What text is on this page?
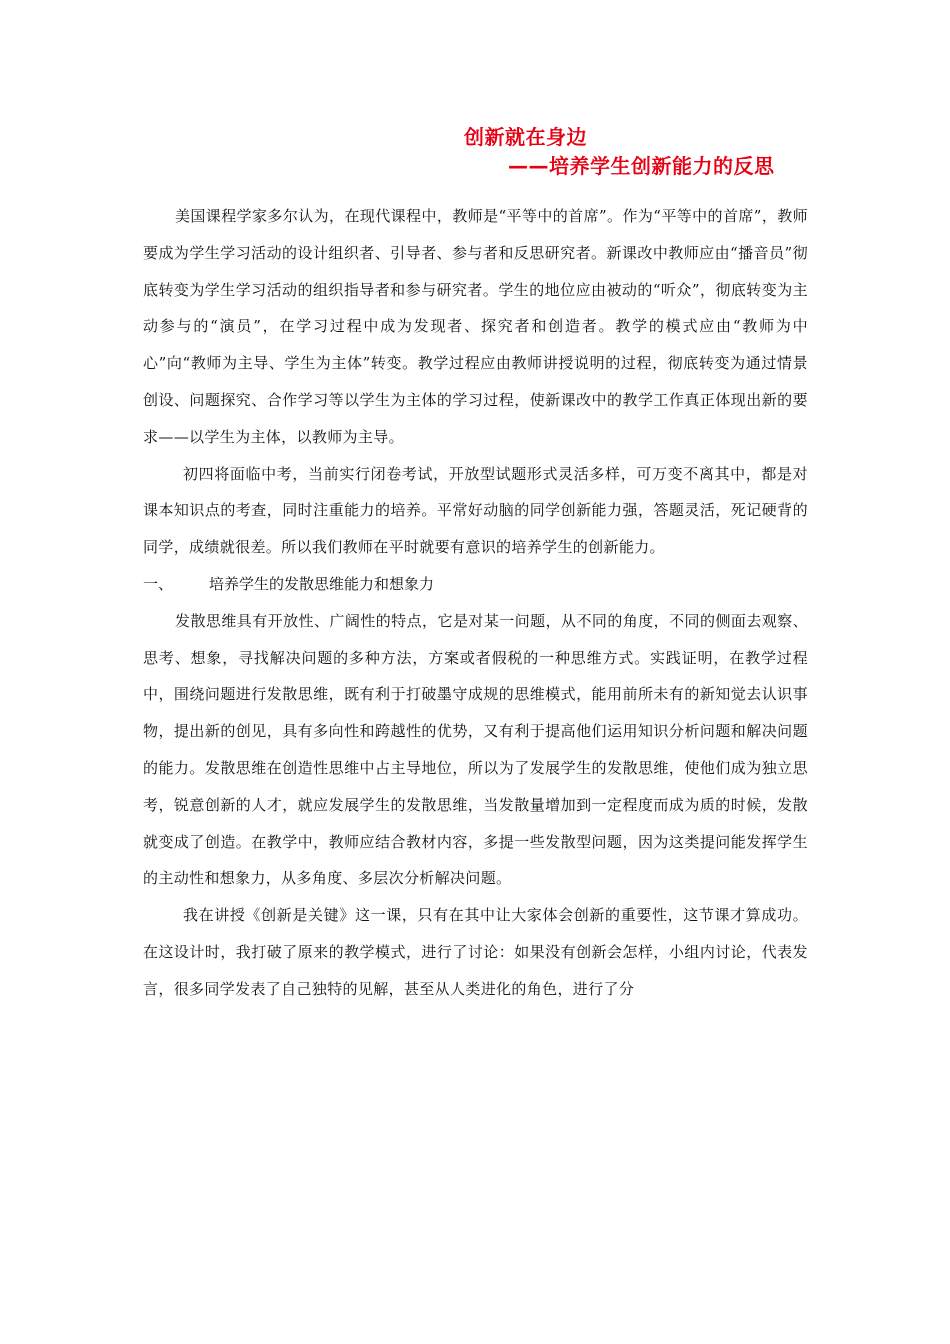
创新就在身边
——培养学生创新能力的反思

美国课程学家多尔认为，在现代课程中，教师是“平等中的首席”。作为“平等中的首席”，教师要成为学生学习活动的设计组织者、引导者、参与者和反思研究者。新课改中教师应由“播音员”彻底转变为学生学习活动的组织指导者和参与研究者。学生的地位应由被动的“听众”，彻底转变为主动参与的“演员”，在学习过程中成为发现者、探究者和创造者。教学的模式应由“教师为中心”向“教师为主导、学生为主体”转变。教学过程应由教师讲授说明的过程，彻底转变为通过情景创设、问题探究、合作学习等以学生为主体的学习过程，使新课改中的教学工作真正体现出新的要求——以学生为主体，以教师为主导。

初四将面临中考，当前实行闭卷考试，开放型试题形式灵活多样，可万变不离其中，都是对课本知识点的考查，同时注重能力的培养。平常好动脑的同学创新能力强，答题灵活，死记硬背的同学，成绩就很差。所以我们教师在平时就要有意识的培养学生的创新能力。

一、	培养学生的发散思维能力和想象力

发散思维具有开放性、广阔性的特点，它是对某一问题，从不同的角度，不同的侧面去观察、思考、想象，寻找解决问题的多种方法，方案或者假税的一种思维方式。实践证明，在教学过程中，围绕问题进行发散思维，既有利于打破墨守成规的思维模式，能用前所未有的新知觉去认识事物，提出新的创见，具有多向性和跨越性的优势，又有利于提高他们运用知识分析问题和解决问题的能力。发散思维在创造性思维中占主导地位，所以为了发展学生的发散思维，使他们成为独立思考，锐意创新的人才，就应发展学生的发散思维，当发散量增加到一定程度而成为质的时候，发散就变成了创造。在教学中，教师应结合教材内容，多提一些发散型问题，因为这类提问能发挥学生的主动性和想象力，从多角度、多层次分析解决问题。

我在讲授《创新是关键》这一课，只有在其中让大家体会创新的重要性，这节课才算成功。在这设计时，我打破了原来的教学模式，进行了讨论：如果没有创新会怎样，小组内讨论，代表发言，很多同学发表了自己独特的见解，甚至从人类进化的角色，进行了分
